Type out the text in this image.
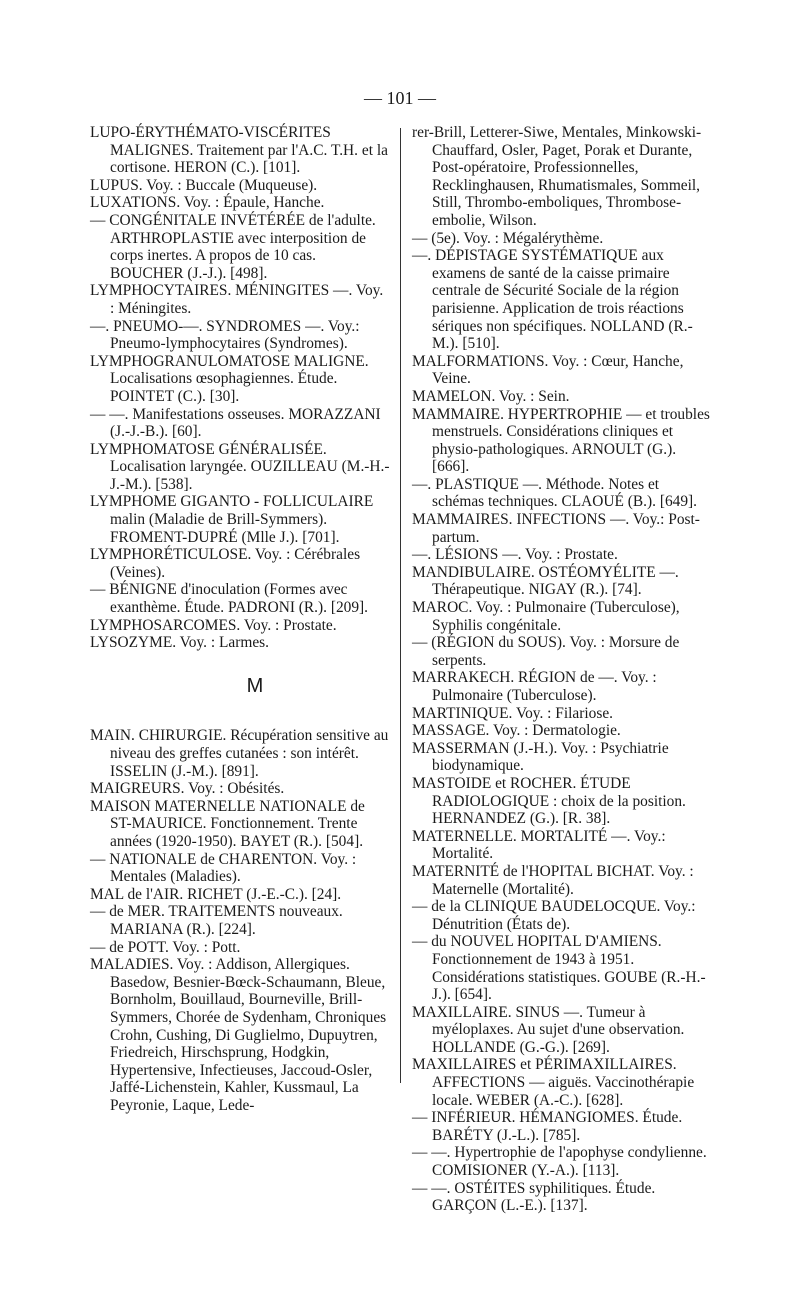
— 101 —

LUPO-ÉRYTHÉMATO-VISCÉRITES MALIGNES. Traitement par l'A.C. T.H. et la cortisone. HERON (C.). [101].

LUPUS. Voy. : Buccale (Muqueuse).

LUXATIONS. Voy. : Épaule, Hanche.

— CONGÉNITALE INVÉTÉRÉE de l'adulte. ARTHROPLASTIE avec interposition de corps inertes. A propos de 10 cas. BOUCHER (J.-J.). [498].

LYMPHOCYTAIRES. MÉNINGITES —. Voy. : Méningites.

—. PNEUMO-—. SYNDROMES —. Voy.: Pneumo-lymphocytaires (Syndromes).

LYMPHOGRANULOMATOSE MALIGNE. Localisations œsophagiennes. Étude. POINTET (C.). [30].

— —. Manifestations osseuses. MORAZZANI (J.-J.-B.). [60].

LYMPHOMATOSE GÉNÉRALISÉE. Localisation laryngée. OUZILLEAU (M.-H.-J.-M.). [538].

LYMPHOME GIGANTO - FOLLICULAIRE malin (Maladie de Brill-Symmers). FROMENT-DUPRÉ (Mlle J.). [701].

LYMPHORÉTICULOSE. Voy. : Cérébrales (Veines).

— BÉNIGNE d'inoculation (Formes avec exanthème. Étude. PADRONI (R.). [209].

LYMPHOSARCOMES. Voy. : Prostate.

LYSOZYME. Voy. : Larmes.

M

MAIN. CHIRURGIE. Récupération sensitive au niveau des greffes cutanées : son intérêt. ISSELIN (J.-M.). [891].

MAIGREURS. Voy. : Obésités.

MAISON MATERNELLE NATIONALE de ST-MAURICE. Fonctionnement. Trente années (1920-1950). BAYET (R.). [504].

— NATIONALE de CHARENTON. Voy. : Mentales (Maladies).

MAL de l'AIR. RICHET (J.-E.-C.). [24].

— de MER. TRAITEMENTS nouveaux. MARIANA (R.). [224].

— de POTT. Voy. : Pott.

MALADIES. Voy. : Addison, Allergiques. Basedow, Besnier-Bœck-Schaumann, Bleue, Bornholm, Bouillaud, Bourneville, Brill-Symmers, Chorée de Sydenham, Chroniques Crohn, Cushing, Di Guglielmo, Dupuytren, Friedreich, Hirschsprung, Hodgkin, Hypertensive, Infectieuses, Jaccoud-Osler, Jaffé-Lichenstein, Kahler, Kussmaul, La Peyronie, Laque, Lede-

rer-Brill, Letterer-Siwe, Mentales, Minkowski-Chauffard, Osler, Paget, Porak et Durante, Post-opératoire, Professionnelles, Recklinghausen, Rhumatismales, Sommeil, Still, Thrombo-emboliques, Thrombose-embolie, Wilson.

— (5e). Voy. : Mégalérythème.

—. DÉPISTAGE SYSTÉMATIQUE aux examens de santé de la caisse primaire centrale de Sécurité Sociale de la région parisienne. Application de trois réactions sériques non spécifiques. NOLLAND (R.-M.). [510].

MALFORMATIONS. Voy. : Cœur, Hanche, Veine.

MAMELON. Voy. : Sein.

MAMMAIRE. HYPERTROPHIE — et troubles menstruels. Considérations cliniques et physio-pathologiques. ARNOULT (G.). [666].

—. PLASTIQUE —. Méthode. Notes et schémas techniques. CLAOUÉ (B.). [649].

MAMMAIRES. INFECTIONS —. Voy.: Post-partum.

—. LÉSIONS —. Voy. : Prostate.

MANDIBULAIRE. OSTÉOMYÉLITE —. Thérapeutique. NIGAY (R.). [74].

MAROC. Voy. : Pulmonaire (Tuberculose), Syphilis congénitale.

— (RÉGION du SOUS). Voy. : Morsure de serpents.

MARRAKECH. RÉGION de —. Voy. : Pulmonaire (Tuberculose).

MARTINIQUE. Voy. : Filariose.

MASSAGE. Voy. : Dermatologie.

MASSERMAN (J.-H.). Voy. : Psychiatrie biodynamique.

MASTOIDE et ROCHER. ÉTUDE RADIOLOGIQUE : choix de la position. HERNANDEZ (G.). [R. 38].

MATERNELLE. MORTALITÉ —. Voy.: Mortalité.

MATERNITÉ de l'HOPITAL BICHAT. Voy. : Maternelle (Mortalité).

— de la CLINIQUE BAUDELOCQUE. Voy.: Dénutrition (États de).

— du NOUVEL HOPITAL D'AMIENS. Fonctionnement de 1943 à 1951. Considérations statistiques. GOUBE (R.-H.-J.). [654].

MAXILLAIRE. SINUS —. Tumeur à myéloplaxes. Au sujet d'une observation. HOLLANDE (G.-G.). [269].

MAXILLAIRES et PÉRIMAXILLAIRES. AFFECTIONS — aiguës. Vaccinothérapie locale. WEBER (A.-C.). [628].

— INFÉRIEUR. HÉMANGIOMES. Étude. BARÉTY (J.-L.). [785].

— —. Hypertrophie de l'apophyse condylienne. COMISIONER (Y.-A.). [113].

— —. OSTÉITES syphilitiques. Étude. GARÇON (L.-E.). [137].
